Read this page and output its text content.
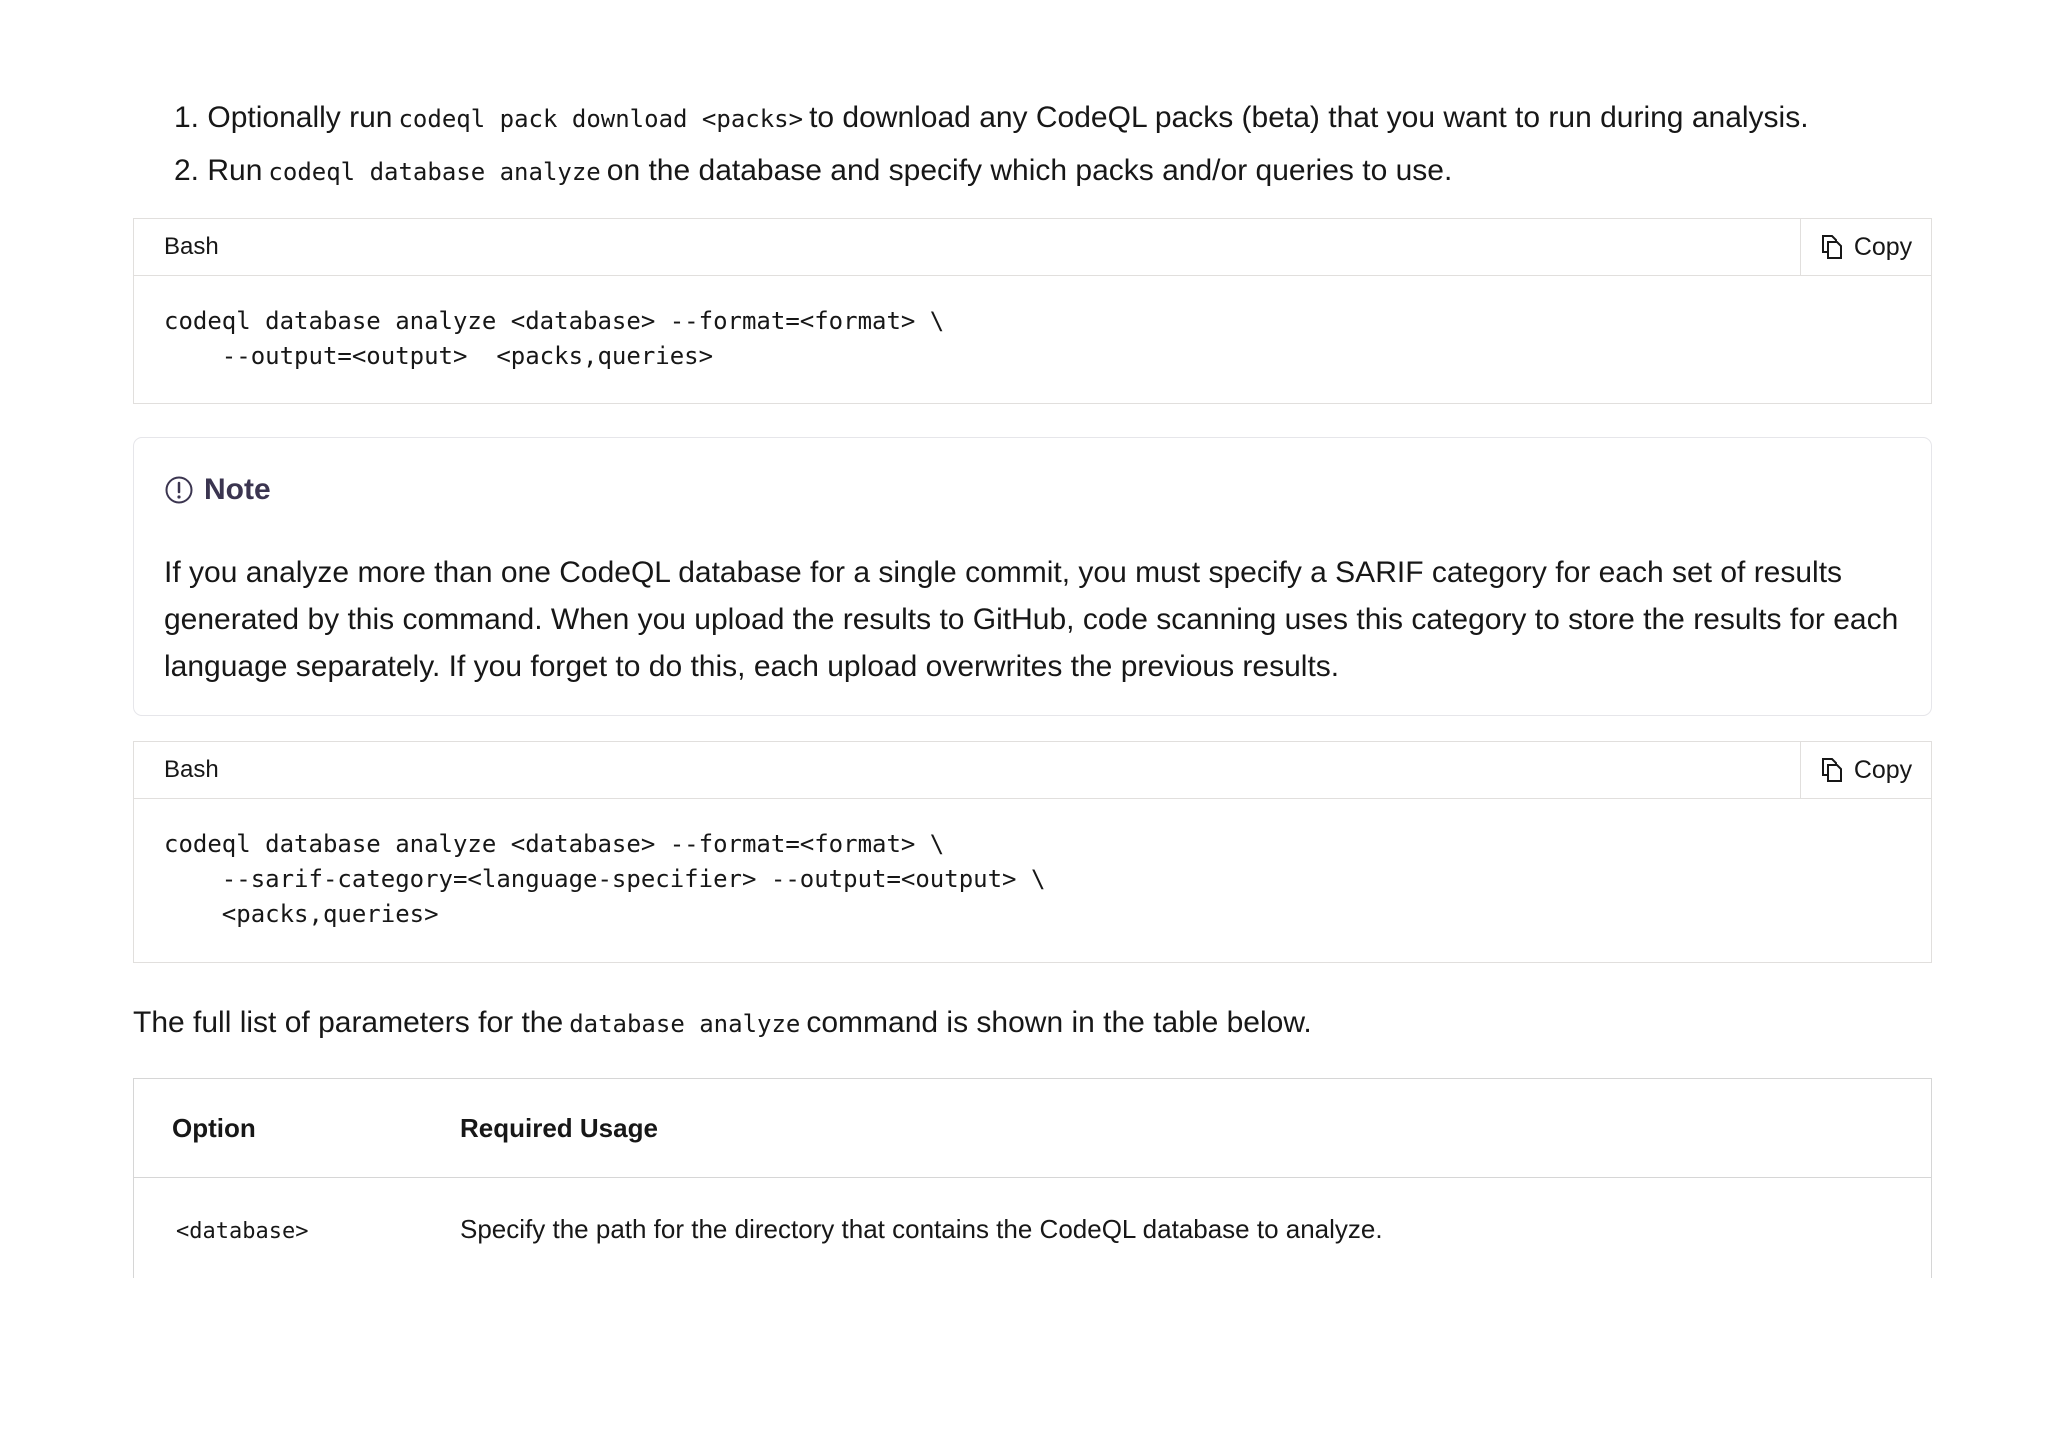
1. Optionally run codeql pack download <packs> to download any CodeQL packs (beta) that you want to run during analysis.
2. Run codeql database analyze on the database and specify which packs and/or queries to use.
Bash	Copy
codeql database analyze <database> --format=<format> \
--output=<output>  <packs,queries>
Note

If you analyze more than one CodeQL database for a single commit, you must specify a SARIF category for each set of results generated by this command. When you upload the results to GitHub, code scanning uses this category to store the results for each language separately. If you forget to do this, each upload overwrites the previous results.

Bash	Copy
codeql database analyze <database> --format=<format> \
--sarif-category=<language-specifier> --output=<output> \
<packs,queries>

The full list of parameters for the database analyze command is shown in the table below.

Option	Required Usage
<database>	Specify the path for the directory that contains the CodeQL database to analyze.
